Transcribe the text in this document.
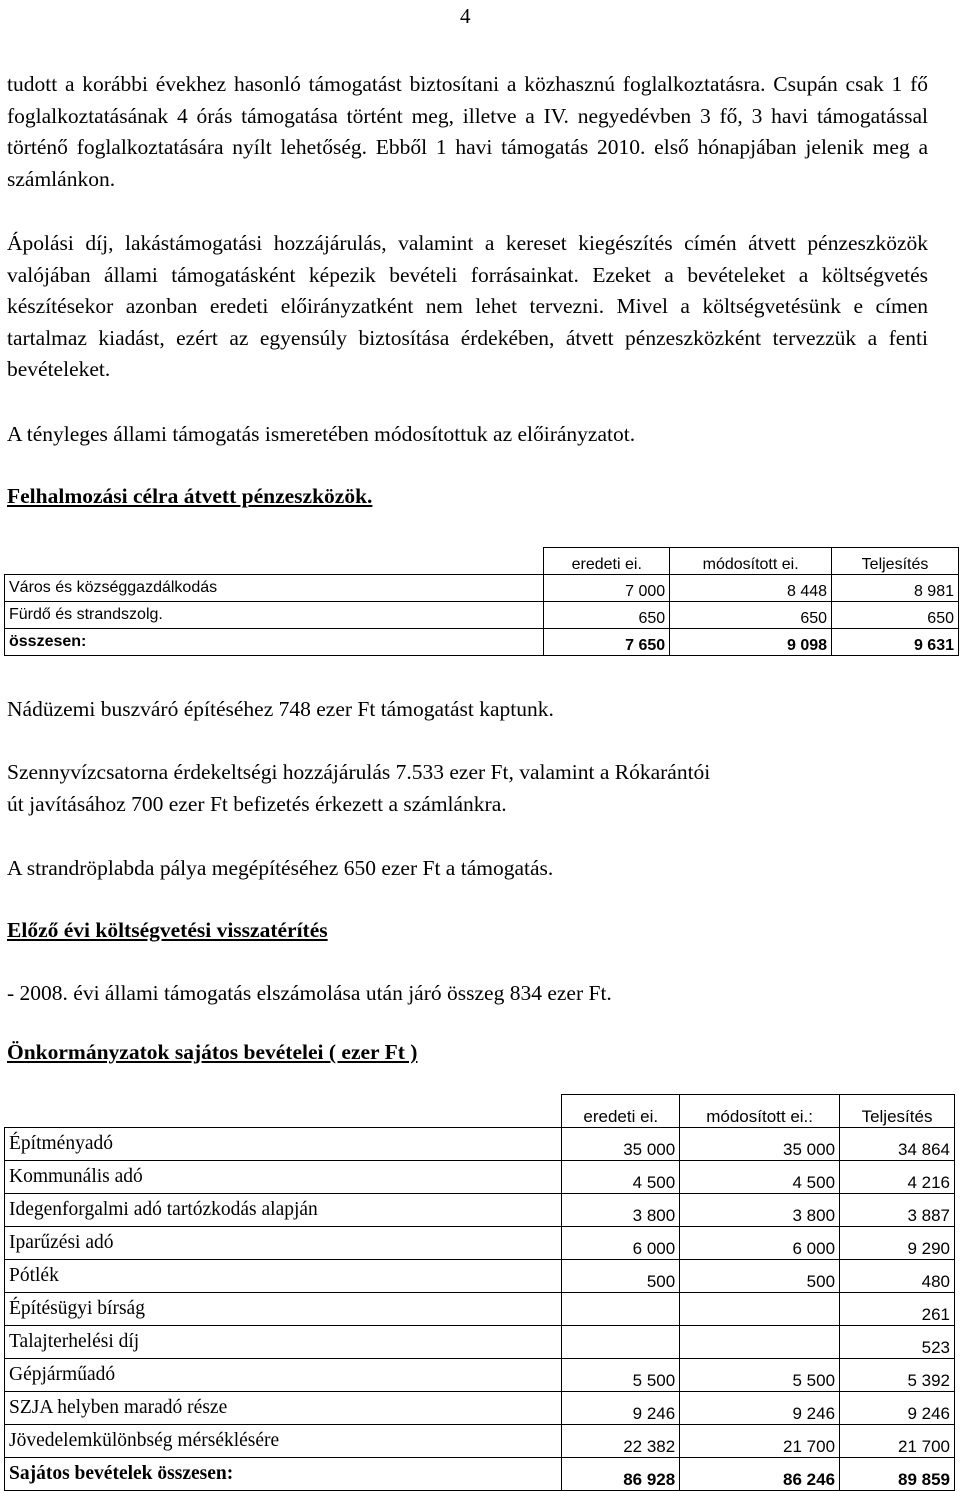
4

tudott a korábbi évekhez hasonló támogatást biztosítani a közhasznú foglalkoztatásra. Csupán csak 1 fő foglalkoztatásának 4 órás támogatása történt meg, illetve a IV. negyedévben 3 fő, 3 havi támogatással történő foglalkoztatására nyílt lehetőség. Ebből 1 havi támogatás 2010. első hónapjában jelenik meg a számlánkon.

Ápolási díj, lakástámogatási hozzájárulás, valamint a kereset kiegészítés címén átvett pénzeszközök valójában állami támogatásként képezik bevételi forrásainkat. Ezeket a bevételeket a költségvetés készítésekor azonban eredeti előirányzatként nem lehet tervezni. Mivel a költségvetésünk e címen tartalmaz kiadást, ezért az egyensúly biztosítása érdekében, átvett pénzeszközként tervezzük a fenti bevételeket.

A tényleges állami támogatás ismeretében módosítottuk az előirányzatot.

Felhalmozási célra átvett pénzeszközök.

	eredeti ei.	módosított ei.	Teljesítés
Város és községgazdálkodás	7 000	8 448	8 981
Fürdő és strandszolg.	650	650	650
összesen:	7 650	9 098	9 631

Nádüzemi buszváró építéséhez 748 ezer Ft támogatást kaptunk.

Szennyvízcsatorna érdekeltségi hozzájárulás 7.533 ezer Ft, valamint a Rókarántói

út javításához 700 ezer Ft befizetés érkezett a számlánkra.

A strandröplabda pálya megépítéséhez 650 ezer Ft a támogatás.

Előző évi költségvetési visszatérítés

- 2008. évi állami támogatás elszámolása után járó összeg 834 ezer Ft.

Önkormányzatok sajátos bevételei ( ezer Ft )

	eredeti ei.	módosított ei.:	Teljesítés
Építményadó	35 000	35 000	34 864
Kommunális adó	4 500	4 500	4 216
Idegenforgalmi adó tartózkodás alapján	3 800	3 800	3 887
Iparűzési adó	6 000	6 000	9 290
Pótlék	500	500	480
Építésügyi bírság			261
Talajterhelési díj			523
Gépjárműadó	5 500	5 500	5 392
SZJA helyben maradó része	9 246	9 246	9 246
Jövedelemkülönbség mérséklésére	22 382	21 700	21 700
Sajátos bevételek összesen:	86 928	86 246	89 859
